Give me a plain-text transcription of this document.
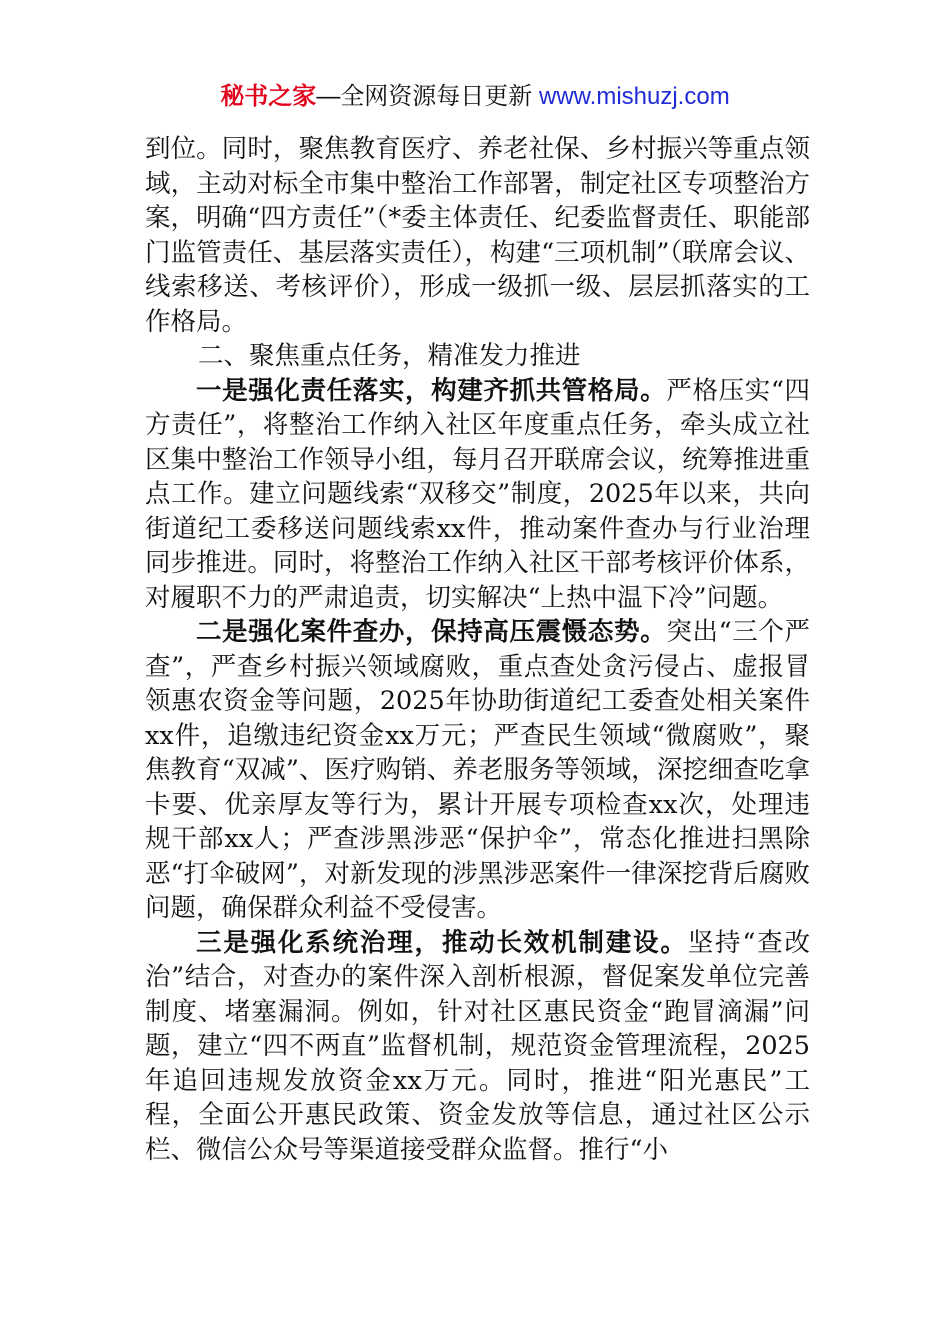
秘书之家—全网资源每日更新 www.mishuzj.com

到位。同时，聚焦教育医疗、养老社保、乡村振兴等重点领域，主动对标全市集中整治工作部署，制定社区专项整治方案，明确“四方责任”（*委主体责任、纪委监督责任、职能部门监管责任、基层落实责任），构建“三项机制”（联席会议、线索移送、考核评价），形成一级抓一级、层层抓落实的工作格局。

二、聚焦重点任务，精准发力推进

一是强化责任落实，构建齐抓共管格局。严格压实“四方责任”，将整治工作纳入社区年度重点任务，牵头成立社区集中整治工作领导小组，每月召开联席会议，统筹推进重点工作。建立问题线索“双移交”制度，2025年以来，共向街道纪工委移送问题线索xx件，推动案件查办与行业治理同步推进。同时，将整治工作纳入社区干部考核评价体系，对履职不力的严肃追责，切实解决“上热中温下冷”问题。

二是强化案件查办，保持高压震慑态势。突出“三个严查”，严查乡村振兴领域腐败，重点查处贪污侵占、虚报冒领惠农资金等问题，2025年协助街道纪工委查处相关案件xx件，追缴违纪资金xx万元；严查民生领域“微腐败”，聚焦教育“双减”、医疗购销、养老服务等领域，深挖细查吃拿卡要、优亲厚友等行为，累计开展专项检查xx次，处理违规干部xx人；严查涉黑涉恶“保护伞”，常态化推进扫黑除恶“打伞破网”，对新发现的涉黑涉恶案件一律深挖背后腐败问题，确保群众利益不受侵害。

三是强化系统治理，推动长效机制建设。坚持“查改治”结合，对查办的案件深入剖析根源，督促案发单位完善制度、堵塞漏洞。例如，针对社区惠民资金“跑冒滴漏”问题，建立“四不两直”监督机制，规范资金管理流程，2025年追回违规发放资金xx万元。同时，推进“阳光惠民”工程，全面公开惠民政策、资金发放等信息，通过社区公示栏、微信公众号等渠道接受群众监督。推行“小
